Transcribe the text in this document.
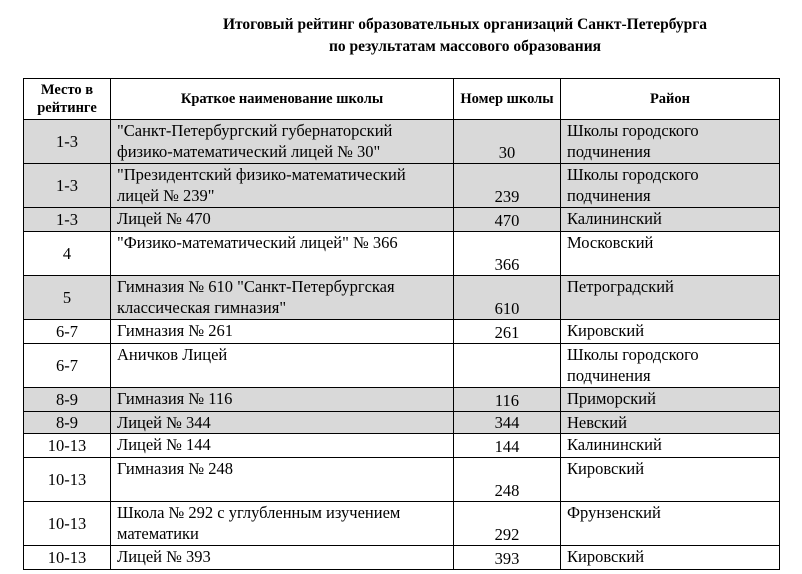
Итоговый рейтинг образовательных организаций Санкт-Петербурга
по результатам массового образования
Место в рейтинге	Краткое наименование школы	Номер школы	Район
1-3	"Санкт-Петербургский губернаторский физико-математический лицей № 30"	30	Школы городского подчинения
1-3	"Президентский физико-математический лицей № 239"	239	Школы городского подчинения
1-3	Лицей № 470	470	Калининский
4	"Физико-математический лицей" № 366	366	Московский
5	Гимназия № 610 "Санкт-Петербургская классическая гимназия"	610	Петроградский
6-7	Гимназия № 261	261	Кировский
6-7	Аничков Лицей		Школы городского подчинения
8-9	Гимназия № 116	116	Приморский
8-9	Лицей № 344	344	Невский
10-13	Лицей № 144	144	Калининский
10-13	Гимназия № 248	248	Кировский
10-13	Школа № 292 с углубленным изучением математики	292	Фрунзенский
10-13	Лицей № 393	393	Кировский
